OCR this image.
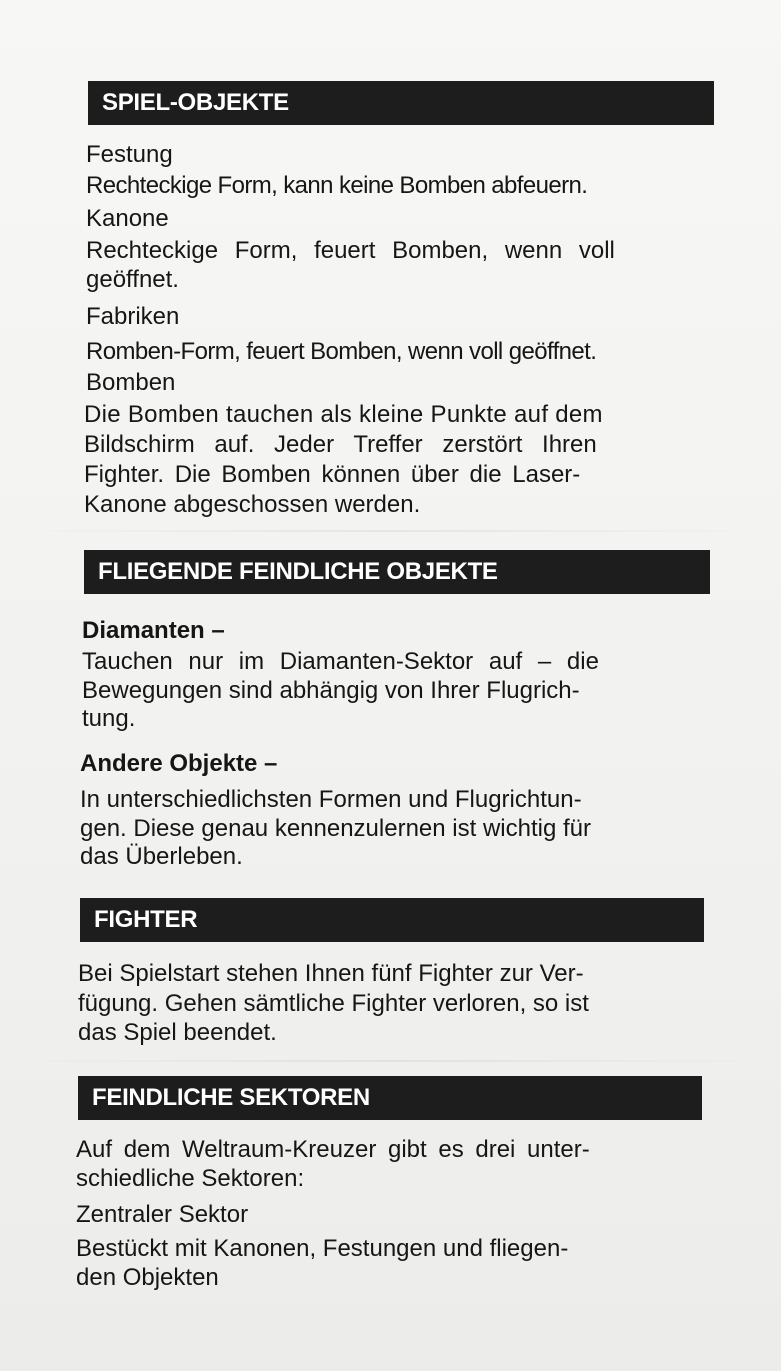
SPIEL-OBJEKTE
Festung
Rechteckige Form, kann keine Bomben abfeuern.
Kanone
Rechteckige Form, feuert Bomben, wenn voll
geöffnet.
Fabriken
Romben-Form, feuert Bomben, wenn voll geöffnet.
Bomben
Die Bomben tauchen als kleine Punkte auf dem
Bildschirm auf. Jeder Treffer zerstört Ihren
Fighter. Die Bomben können über die Laser-
Kanone abgeschossen werden.
FLIEGENDE FEINDLICHE OBJEKTE
Diamanten –
Tauchen nur im Diamanten-Sektor auf – die
Bewegungen sind abhängig von Ihrer Flugrich-
tung.
Andere Objekte –
In unterschiedlichsten Formen und Flugrichtun-
gen. Diese genau kennenzulernen ist wichtig für
das Überleben.
FIGHTER
Bei Spielstart stehen Ihnen fünf Fighter zur Ver-
fügung. Gehen sämtliche Fighter verloren, so ist
das Spiel beendet.
FEINDLICHE SEKTOREN
Auf dem Weltraum-Kreuzer gibt es drei unter-
schiedliche Sektoren:
Zentraler Sektor
Bestückt mit Kanonen, Festungen und fliegen-
den Objekten
